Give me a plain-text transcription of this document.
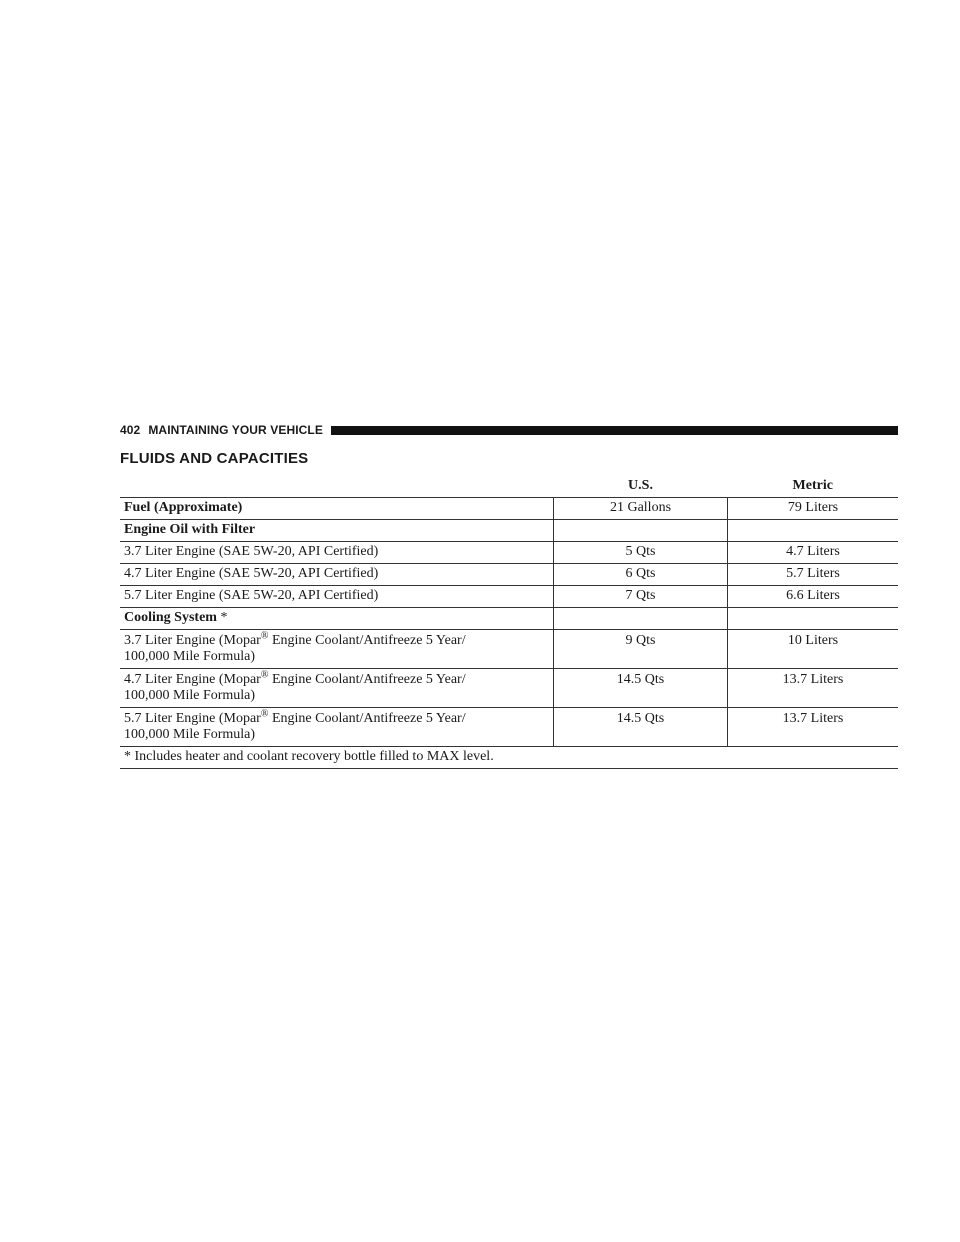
402 MAINTAINING YOUR VEHICLE
FLUIDS AND CAPACITIES
	U.S.	Metric
Fuel (Approximate)	21 Gallons	79 Liters
Engine Oil with Filter		
3.7 Liter Engine (SAE 5W-20, API Certified)	5 Qts	4.7 Liters
4.7 Liter Engine (SAE 5W-20, API Certified)	6 Qts	5.7 Liters
5.7 Liter Engine (SAE 5W-20, API Certified)	7 Qts	6.6 Liters
Cooling System *		
3.7 Liter Engine (Mopar® Engine Coolant/Antifreeze 5 Year/
100,000 Mile Formula)	9 Qts	10 Liters
4.7 Liter Engine (Mopar® Engine Coolant/Antifreeze 5 Year/
100,000 Mile Formula)	14.5 Qts	13.7 Liters
5.7 Liter Engine (Mopar® Engine Coolant/Antifreeze 5 Year/
100,000 Mile Formula)	14.5 Qts	13.7 Liters
* Includes heater and coolant recovery bottle filled to MAX level.		
